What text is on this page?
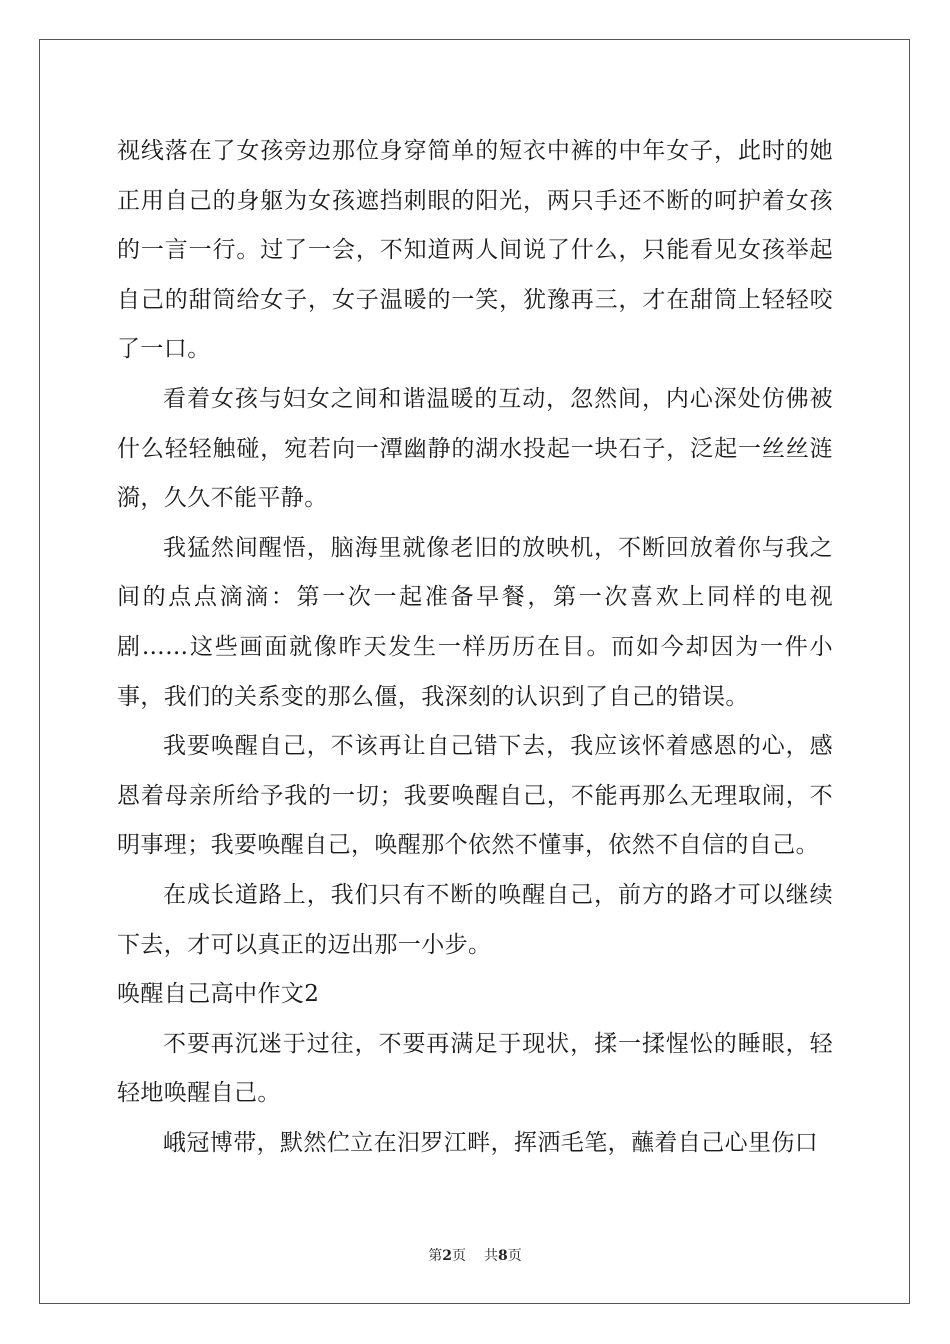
视线落在了女孩旁边那位身穿简单的短衣中裤的中年女子，此时的她正用自己的身躯为女孩遮挡刺眼的阳光，两只手还不断的呵护着女孩的一言一行。过了一会，不知道两人间说了什么，只能看见女孩举起自己的甜筒给女子，女子温暖的一笑，犹豫再三，才在甜筒上轻轻咬了一口。

看着女孩与妇女之间和谐温暖的互动，忽然间，内心深处仿佛被什么轻轻触碰，宛若向一潭幽静的湖水投起一块石子，泛起一丝丝涟漪，久久不能平静。

我猛然间醒悟，脑海里就像老旧的放映机，不断回放着你与我之间的点点滴滴：第一次一起准备早餐，第一次喜欢上同样的电视剧……这些画面就像昨天发生一样历历在目。而如今却因为一件小事，我们的关系变的那么僵，我深刻的认识到了自己的错误。

我要唤醒自己，不该再让自己错下去，我应该怀着感恩的心，感恩着母亲所给予我的一切；我要唤醒自己，不能再那么无理取闹，不明事理；我要唤醒自己，唤醒那个依然不懂事，依然不自信的自己。

在成长道路上，我们只有不断的唤醒自己，前方的路才可以继续下去，才可以真正的迈出那一小步。

唤醒自己高中作文2

不要再沉迷于过往，不要再满足于现状，揉一揉惺忪的睡眼，轻轻地唤醒自己。

峨冠博带，默然伫立在汨罗江畔，挥洒毛笔，蘸着自己心里伤口

第2页 共8页
